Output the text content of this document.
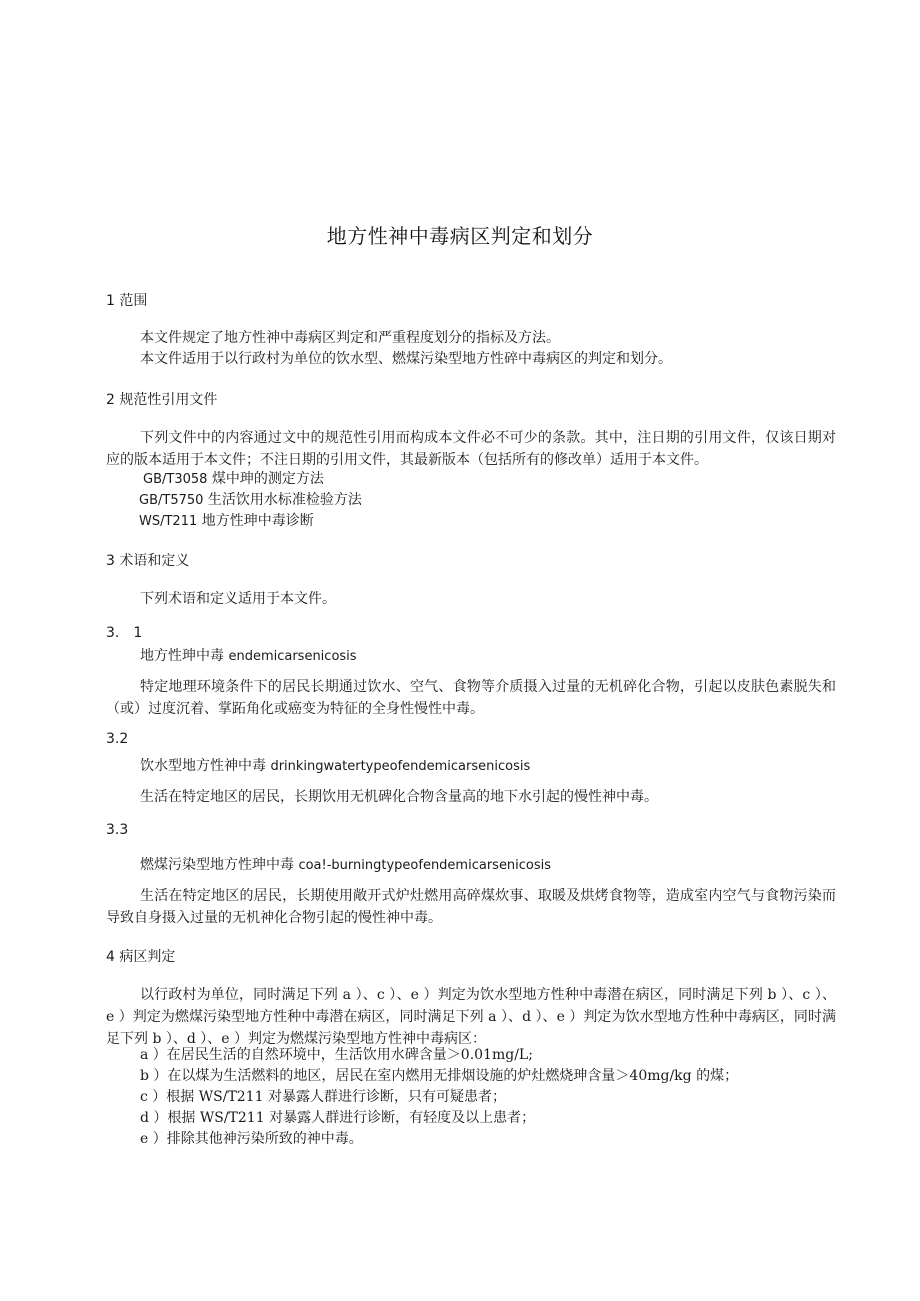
地方性神中毒病区判定和划分
1 范围
本文件规定了地方性神中毒病区判定和严重程度划分的指标及方法。
本文件适用于以行政村为单位的饮水型、燃煤污染型地方性碎中毒病区的判定和划分。
2 规范性引用文件
下列文件中的内容通过文中的规范性引用而构成本文件必不可少的条款。其中，注日期的引用文件，仅该日期对应的版本适用于本文件；不注日期的引用文件，其最新版本（包括所有的修改单）适用于本文件。
GB/T3058 煤中珅的测定方法
GB/T5750 生活饮用水标准检验方法
WS/T211 地方性珅中毒诊断
3 术语和定义
下列术语和定义适用于本文件。
3.　1
地方性珅中毒 endemicarsenicosis
特定地理环境条件下的居民长期通过饮水、空气、食物等介质摄入过量的无机碎化合物，引起以皮肤色素脱失和（或）过度沉着、掌跖角化或癌变为特征的全身性慢性中毒。
3.2
饮水型地方性神中毒 drinkingwatertypeofendemicarsenicosis
生活在特定地区的居民，长期饮用无机碑化合物含量高的地下水引起的慢性神中毒。
3.3
燃煤污染型地方性珅中毒 coa!-burningtypeofendemicarsenicosis
生活在特定地区的居民，长期使用敞开式炉灶燃用高碎煤炊事、取暖及烘烤食物等，造成室内空气与食物污染而导致自身摄入过量的无机神化合物引起的慢性神中毒。
4 病区判定
以行政村为单位，同时满足下列 a ）、c ）、e ）判定为饮水型地方性种中毒潜在病区，同时满足下列 b ）、c ）、e ）判定为燃煤污染型地方性种中毒潜在病区，同时满足下列 a ）、d ）、e ）判定为饮水型地方性种中毒病区，同时满足下列 b ）、d ）、e ）判定为燃煤污染型地方性神中毒病区：
a ）在居民生活的自然环境中，生活饮用水碑含量＞0.01mg∕L;
b ）在以煤为生活燃料的地区，居民在室内燃用无排烟设施的炉灶燃烧珅含量＞40mg∕kg 的煤；
c ）根据 WS/T211 对暴露人群进行诊断，只有可疑患者；
d ）根据 WS/T211 对暴露人群进行诊断，有轻度及以上患者；
e ）排除其他神污染所致的神中毒。
